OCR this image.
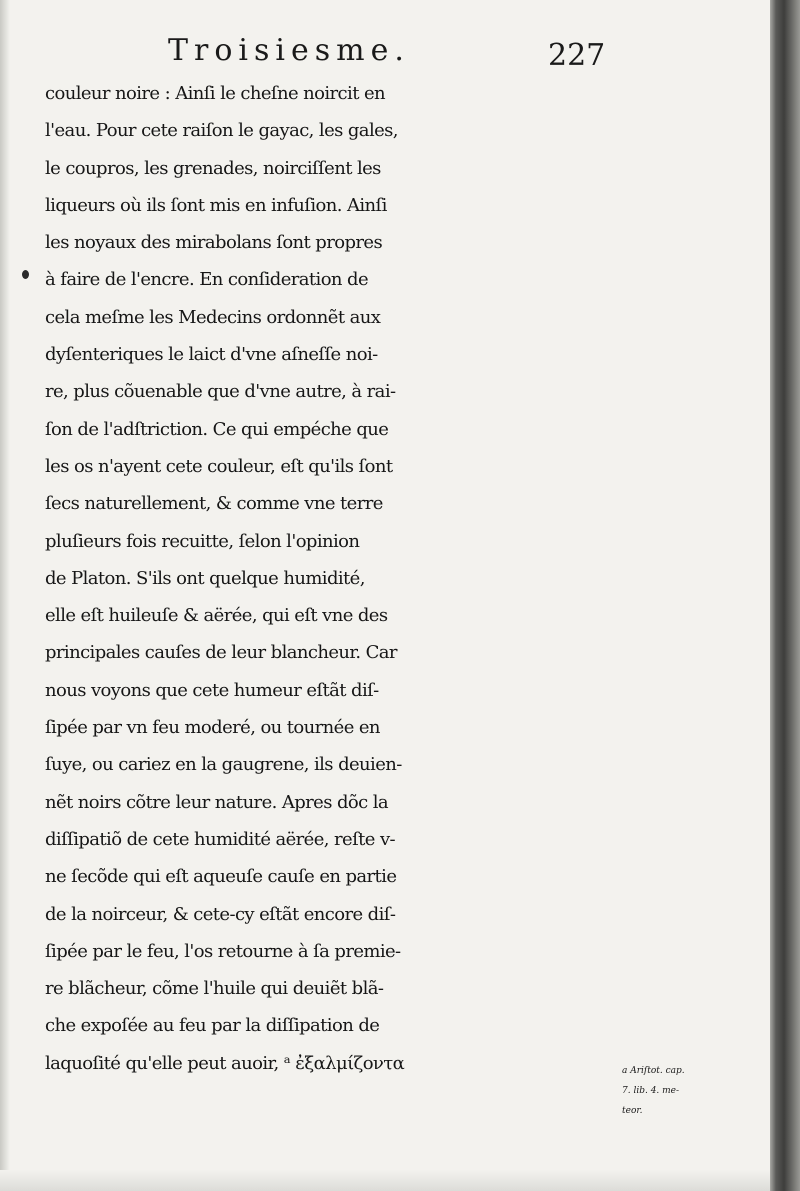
Troisiesme.	227
couleur noire : Ainſi le cheſne noircit en
l'eau. Pour cete raiſon le gayac, les gales,
le coupros, les grenades, noirciſſent les
liqueurs où ils ſont mis en infuſion. Ainſi
les noyaux des mirabolans ſont propres
à faire de l'encre. En conſideration de
cela meſme les Medecins ordonnẽt aux
dyſenteriques le laict d'vne aſneſſe noi-
re, plus cõuenable que d'vne autre, à rai-
ſon de l'adſtriction. Ce qui empéche que
les os n'ayent cete couleur, eſt qu'ils ſont
ſecs naturellement, & comme vne terre
pluſieurs fois recuitte, ſelon l'opinion
de Platon. S'ils ont quelque humidité,
elle eſt huileuſe & aërée, qui eſt vne des
principales cauſes de leur blancheur. Car
nous voyons que cete humeur eſtãt diſ-
ſipée par vn feu moderé, ou tournée en
ſuye, ou cariez en la gaugrene, ils deuien-
nẽt noirs cõtre leur nature. Apres dõc la
diſſipatiõ de cete humidité aërée, reſte v-
ne ſecõde qui eſt aqueuſe cauſe en partie
de la noirceur, & cete-cy eſtãt encore diſ-
ſipée par le feu, l'os retourne à ſa premie-
re blãcheur, cõme l'huile qui deuiẽt blã-
che expoſée au feu par la diſſipation de
laquoſité qu'elle peut auoir, ᵃ ἐξαλμίζοντα	a Ariſtot. cap.
7. lib. 4. me-
teor.
